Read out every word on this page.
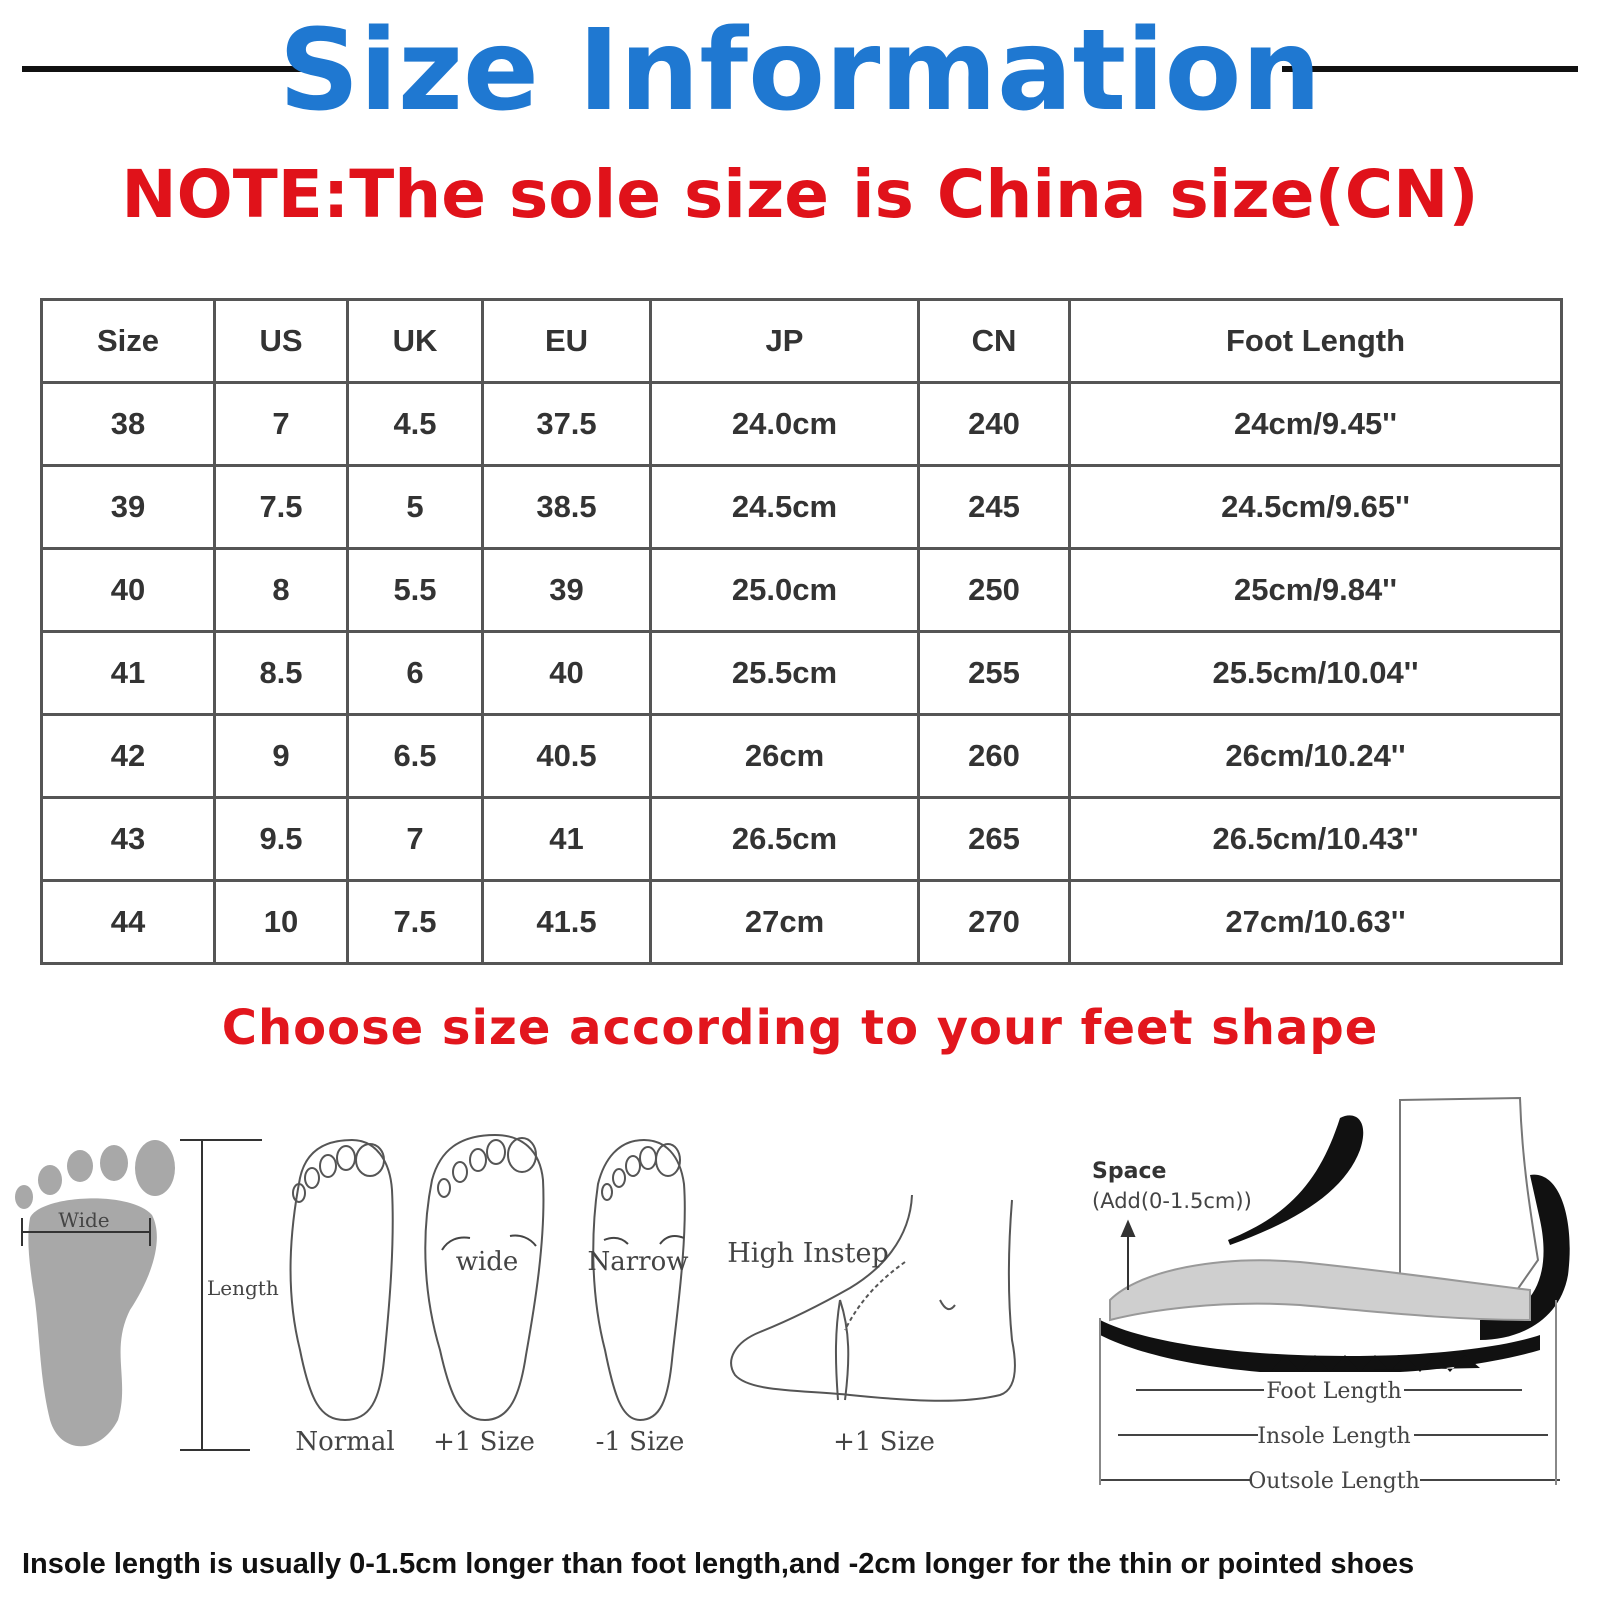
Size Information
NOTE:The sole size is China size(CN)
Size	US	UK	EU	JP	CN	Foot Length
38	7	4.5	37.5	24.0cm	240	24cm/9.45''
39	7.5	5	38.5	24.5cm	245	24.5cm/9.65''
40	8	5.5	39	25.0cm	250	25cm/9.84''
41	8.5	6	40	25.5cm	255	25.5cm/10.04''
42	9	6.5	40.5	26cm	260	26cm/10.24''
43	9.5	7	41	26.5cm	265	26.5cm/10.43''
44	10	7.5	41.5	27cm	270	27cm/10.63''
Choose size according to your feet shape
Wide
Length
Normal
wide
+1 Size
Narrow
-1 Size
High Instep
+1 Size
Space
(Add(0-1.5cm))
Foot Length
Insole Length
Outsole Length
Insole length is usually 0-1.5cm longer than foot length,and -2cm longer for the thin or pointed shoes
